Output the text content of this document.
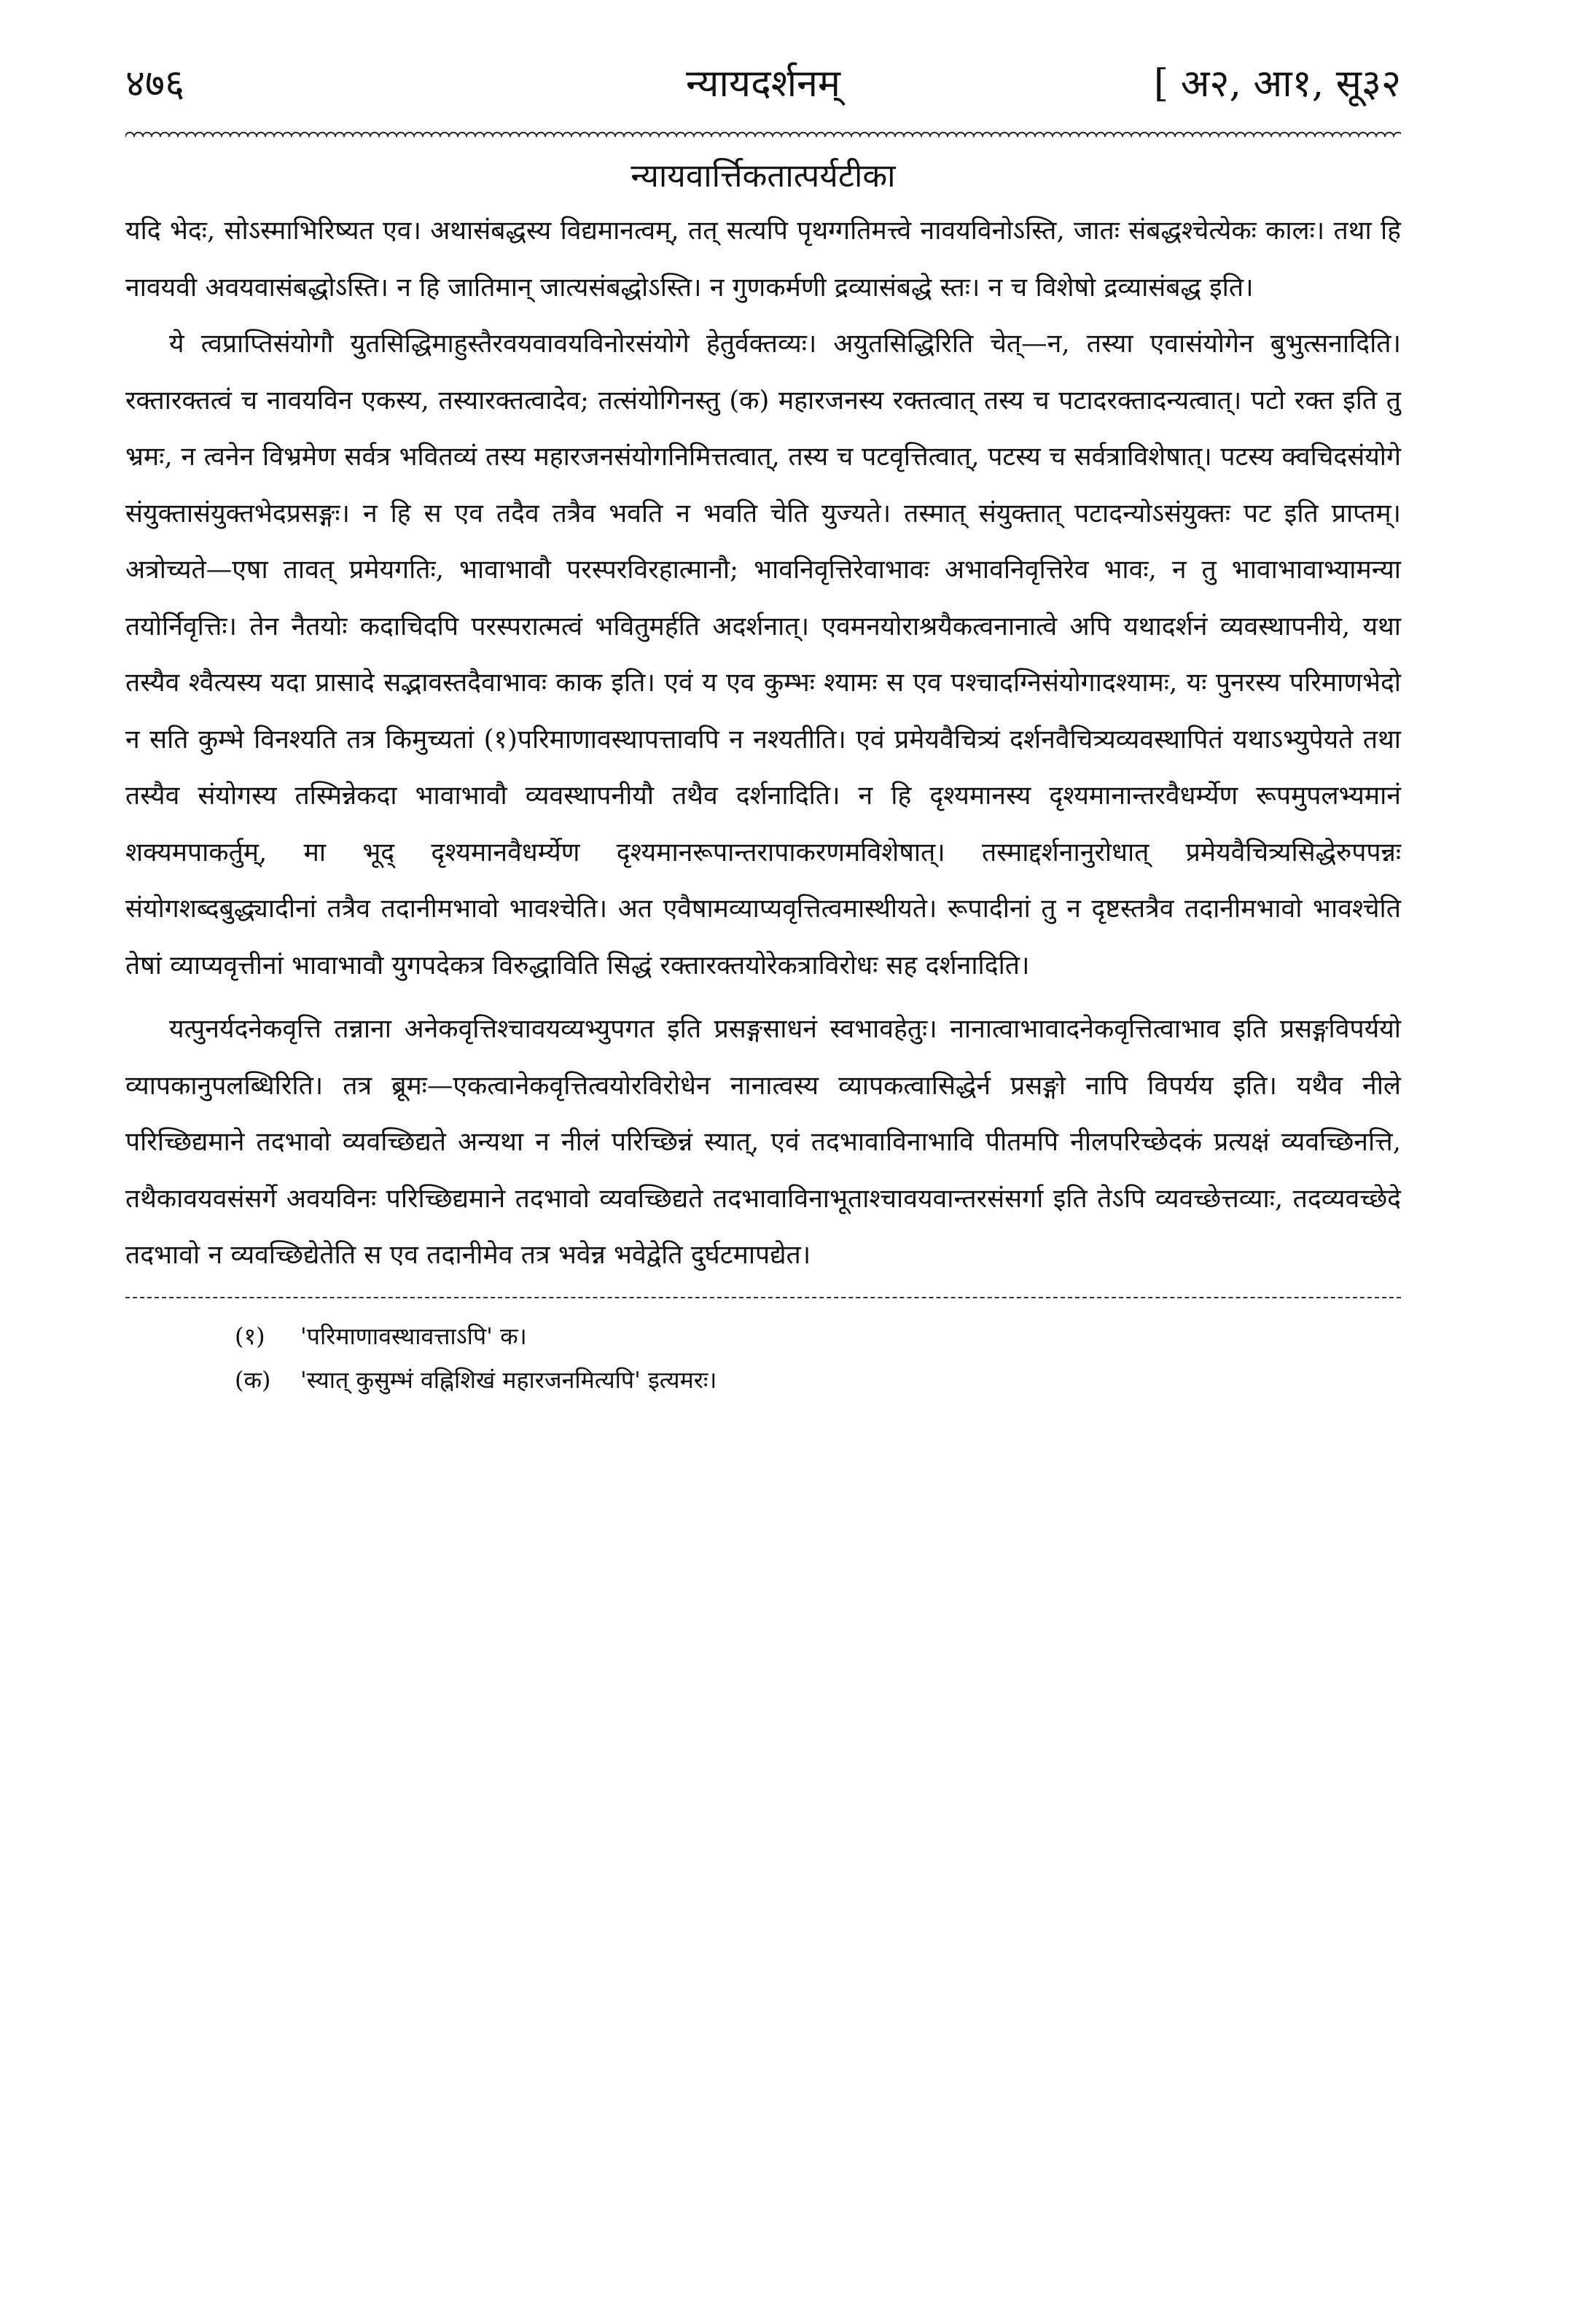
४७६	न्यायदर्शनम्	[ अ२, आ१, सू३२
न्यायवार्त्तिकतात्पर्यटीका

यदि भेदः, सोऽस्माभिरिष्यत एव। अथासंबद्धस्य विद्यमानत्वम्, तत् सत्यपि पृथग्गतिमत्त्वे नावयविनोऽस्ति, जातः संबद्धश्चेत्येकः कालः। तथा हि नावयवी अवयवासंबद्धोऽस्ति। न हि जातिमान् जात्यसंबद्धोऽस्ति। न गुणकर्मणी द्रव्यासंबद्धे स्तः। न च विशेषो द्रव्यासंबद्ध इति।

ये त्वप्राप्तिसंयोगौ युतसिद्धिमाहुस्तैरवयवावयविनोरसंयोगे हेतुर्वक्तव्यः। अयुतसिद्धिरिति चेत्—न, तस्या एवासंयोगेन बुभुत्सनादिति। रक्तारक्तत्वं च नावयविन एकस्य, तस्यारक्तत्वादेव; तत्संयोगिनस्तु (क) महारजनस्य रक्तत्वात् तस्य च पटादरक्तादन्यत्वात्। पटो रक्त इति तु भ्रमः, न त्वनेन विभ्रमेण सर्वत्र भवितव्यं तस्य महारजनसंयोगनिमित्तत्वात्, तस्य च पटवृत्तित्वात्, पटस्य च सर्वत्राविशेषात्। पटस्य क्वचिदसंयोगे संयुक्तासंयुक्तभेदप्रसङ्गः। न हि स एव तदैव तत्रैव भवति न भवति चेति युज्यते। तस्मात् संयुक्तात् पटादन्योऽसंयुक्तः पट इति प्राप्तम्। अत्रोच्यते—एषा तावत् प्रमेयगतिः, भावाभावौ परस्परविरहात्मानौ; भावनिवृत्तिरेवाभावः अभावनिवृत्तिरेव भावः, न तु भावाभावाभ्यामन्या तयोर्निवृत्तिः। तेन नैतयोः कदाचिदपि परस्परात्मत्वं भवितुमर्हति अदर्शनात्। एवमनयोराश्रयैकत्वनानात्वे अपि यथादर्शनं व्यवस्थापनीये, यथा तस्यैव श्वैत्यस्य यदा प्रासादे सद्भावस्तदैवाभावः काक इति। एवं य एव कुम्भः श्यामः स एव पश्चादग्निसंयोगादश्यामः, यः पुनरस्य परिमाणभेदो न सति कुम्भे विनश्यति तत्र किमुच्यतां (१)परिमाणावस्थापत्तावपि न नश्यतीति। एवं प्रमेयवैचित्र्यं दर्शनवैचित्र्यव्यवस्थापितं यथाऽभ्युपेयते तथा तस्यैव संयोगस्य तस्मिन्नेकदा भावाभावौ व्यवस्थापनीयौ तथैव दर्शनादिति। न हि दृश्यमानस्य दृश्यमानान्तरवैधर्म्येण रूपमुपलभ्यमानं शक्यमपाकर्तुम्, मा भूद् दृश्यमानवैधर्म्येण दृश्यमानरूपान्तरापाकरणमविशेषात्। तस्माद्दर्शनानुरोधात् प्रमेयवैचित्र्यसिद्धेरुपपन्नः संयोगशब्दबुद्ध्यादीनां तत्रैव तदानीमभावो भावश्चेति। अत एवैषामव्याप्यवृत्तित्वमास्थीयते। रूपादीनां तु न दृष्टस्तत्रैव तदानीमभावो भावश्चेति तेषां व्याप्यवृत्तीनां भावाभावौ युगपदेकत्र विरुद्धाविति सिद्धं रक्तारक्तयोरेकत्राविरोधः सह दर्शनादिति।

यत्पुनर्यदनेकवृत्ति तन्नाना अनेकवृत्तिश्चावयव्यभ्युपगत इति प्रसङ्गसाधनं स्वभावहेतुः। नानात्वाभावादनेकवृत्तित्वाभाव इति प्रसङ्गविपर्ययो व्यापकानुपलब्धिरिति। तत्र ब्रूमः—एकत्वानेकवृत्तित्वयोरविरोधेन नानात्वस्य व्यापकत्वासिद्धेर्न प्रसङ्गो नापि विपर्यय इति। यथैव नीले परिच्छिद्यमाने तदभावो व्यवच्छिद्यते अन्यथा न नीलं परिच्छिन्नं स्यात्, एवं तदभावाविनाभावि पीतमपि नीलपरिच्छेदकं प्रत्यक्षं व्यवच्छिनत्ति, तथैकावयवसंसर्गे अवयविनः परिच्छिद्यमाने तदभावो व्यवच्छिद्यते तदभावाविनाभूताश्चावयवान्तरसंसर्गा इति तेऽपि व्यवच्छेत्तव्याः, तदव्यवच्छेदे तदभावो न व्यवच्छिद्येतेति स एव तदानीमेव तत्र भवेन्न भवेद्वेति दुर्घटमापद्येत।

(१) 'परिमाणावस्थावत्ताऽपि' क।
(क) 'स्यात् कुसुम्भं वह्निशिखं महारजनमित्यपि' इत्यमरः।
